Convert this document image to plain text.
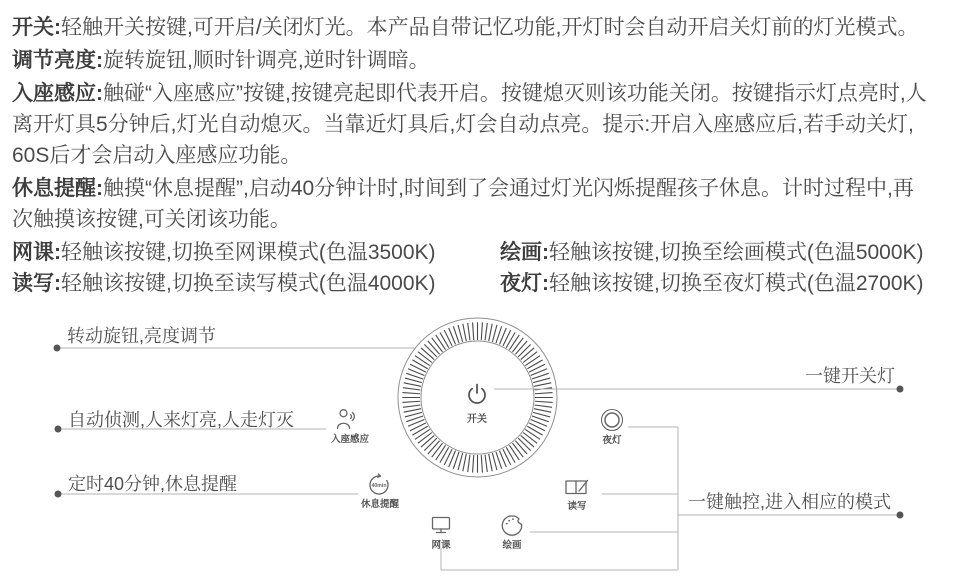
开关:轻触开关按键,可开启/关闭灯光。本产品自带记忆功能,开灯时会自动开启关灯前的灯光模式。

调节亮度:旋转旋钮,顺时针调亮,逆时针调暗。

入座感应:触碰“入座感应”按键,按键亮起即代表开启。按键熄灭则该功能关闭。按键指示灯点亮时,人
离开灯具5分钟后,灯光自动熄灭。当靠近灯具后,灯会自动点亮。提示:开启入座感应后,若手动关灯,
60S后才会启动入座感应功能。

休息提醒:触摸“休息提醒”,启动40分钟计时,时间到了会通过灯光闪烁提醒孩子休息。计时过程中,再
次触摸该按键,可关闭该功能。

网课:轻触该按键,切换至网课模式(色温3500K)	绘画:轻触该按键,切换至绘画模式(色温5000K)

读写:轻触该按键,切换至读写模式(色温4000K)	夜灯:轻触该按键,切换至夜灯模式(色温2700K)

开关
入座感应
40min
休息提醒
夜灯
读写
网课	绘画
转动旋钮,亮度调节
自动侦测,人来灯亮,人走灯灭
定时40分钟,休息提醒
一键开关灯
一键触控,进入相应的模式
